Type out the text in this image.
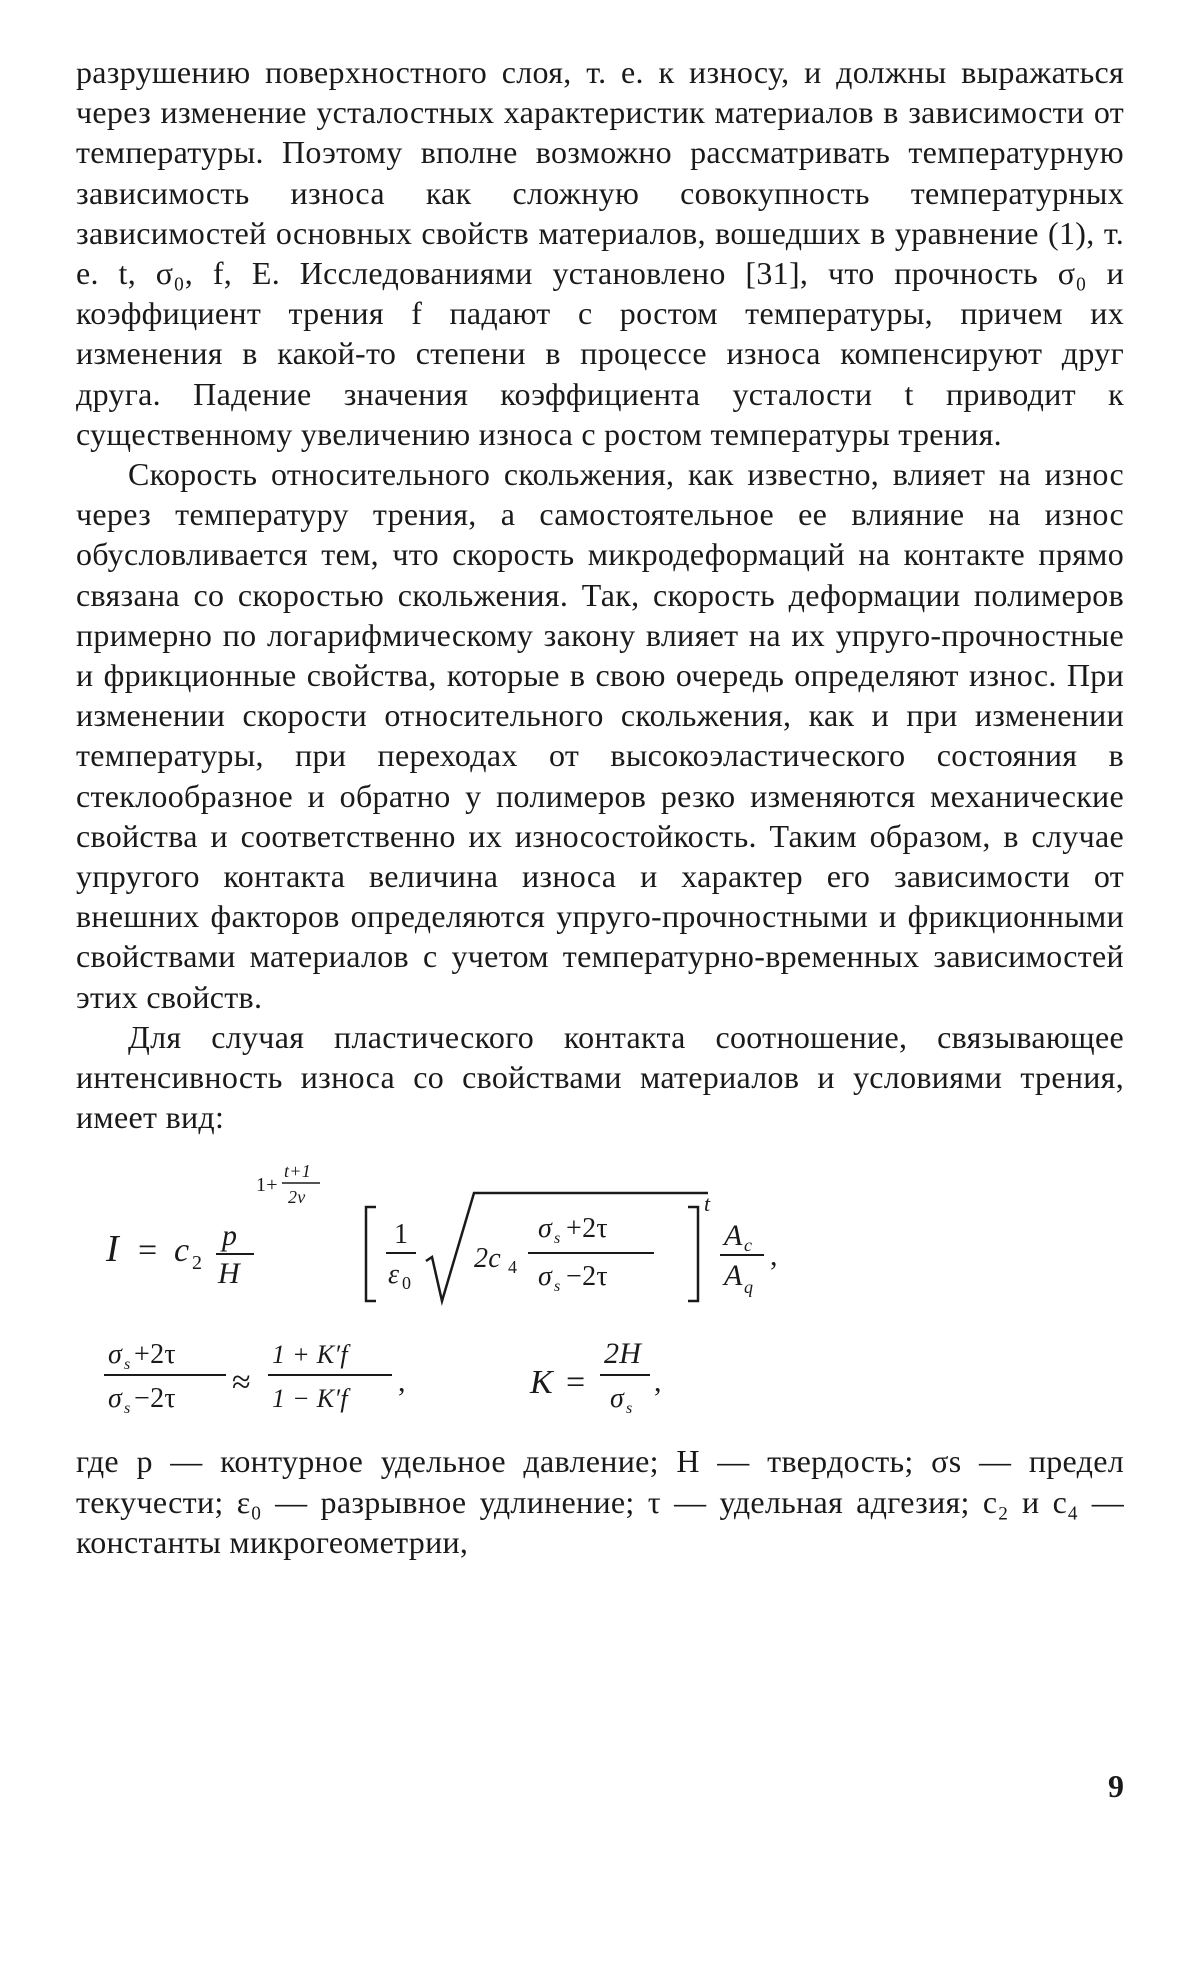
разрушению поверхностного слоя, т. е. к износу, и должны выражаться через изменение усталостных характеристик материалов в зависимости от температуры. Поэтому вполне возможно рассматривать температурную зависимость износа как сложную совокупность температурных зависимостей основных свойств материалов, вошедших в уравнение (1), т. е. t, σ₀, f, E. Исследованиями установлено [31], что прочность σ₀ и коэффициент трения f падают с ростом температуры, причем их изменения в какой-то степени в процессе износа компенсируют друг друга. Падение значения коэффициента усталости t приводит к существенному увеличению износа с ростом температуры трения.

Скорость относительного скольжения, как известно, влияет на износ через температуру трения, а самостоятельное ее влияние на износ обусловливается тем, что скорость микродеформаций на контакте прямо связана со скоростью скольжения. Так, скорость деформации полимеров примерно по логарифмическому закону влияет на их упруго-прочностные и фрикционные свойства, которые в свою очередь определяют износ. При изменении скорости относительного скольжения, как и при изменении температуры, при переходах от высокоэластического состояния в стеклообразное и обратно у полимеров резко изменяются механические свойства и соответственно их износостойкость. Таким образом, в случае упругого контакта величина износа и характер его зависимости от внешних факторов определяются упруго-прочностными и фрикционными свойствами материалов с учетом температурно-временных зависимостей этих свойств.

Для случая пластического контакта соотношение, связывающее интенсивность износа со свойствами материалов и условиями трения, имеет вид:

I = c 2
p
H
1+
t+1
2ν
1
ε 0
2c 4
σ s +2τ
σ s −2τ
t
A c
A q
,
σ s +2τ
σ s −2τ ≈
1 + K′f
1 − K′f
,	K =
2H
σ s
,

где p — контурное удельное давление; H — твердость; σs — предел текучести; ε₀ — разрывное удлинение; τ — удельная адгезия; c₂ и c₄ — константы микрогеометрии,

9
